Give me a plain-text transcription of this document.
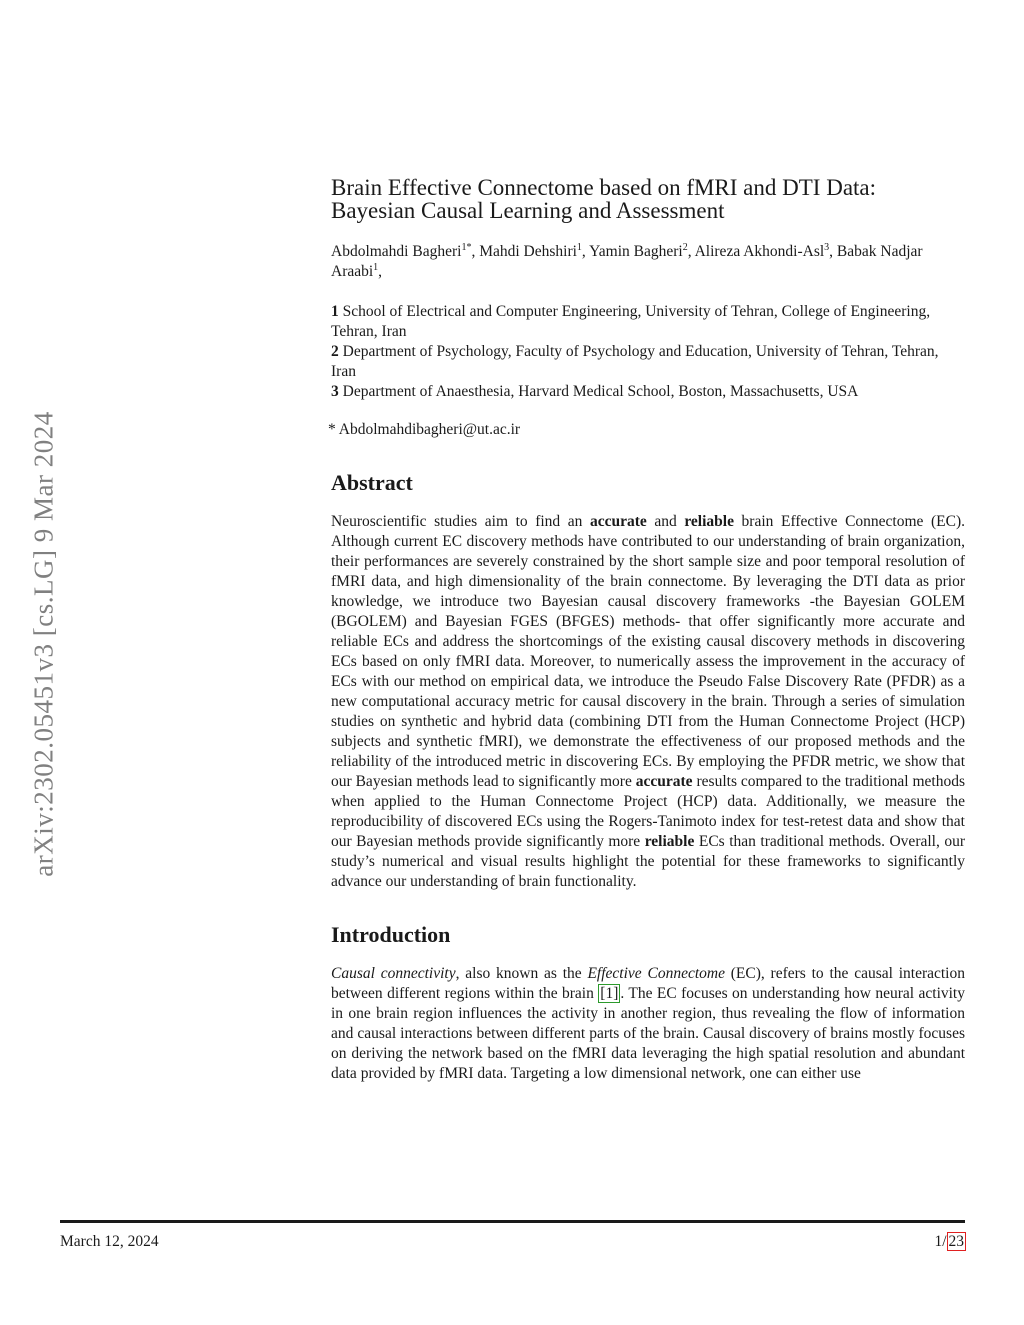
arXiv:2302.05451v3 [cs.LG] 9 Mar 2024
Brain Effective Connectome based on fMRI and DTI Data:
Bayesian Causal Learning and Assessment
Abdolmahdi Bagheri$^{1*}$, Mahdi Dehshiri$^1$, Yamin Bagheri$^2$, Alireza Akhondi-Asl$^3$, Babak Nadjar Araabi$^1$,
1 School of Electrical and Computer Engineering, University of Tehran, College of Engineering, Tehran, Iran
2 Department of Psychology, Faculty of Psychology and Education, University of Tehran, Tehran, Iran
3 Department of Anaesthesia, Harvard Medical School, Boston, Massachusetts, USA
* Abdolmahdibagheri@ut.ac.ir
Abstract

Neuroscientific studies aim to find an accurate and reliable brain Effective Connectome (EC). Although current EC discovery methods have contributed to our understanding of brain organization, their performances are severely constrained by the short sample size and poor temporal resolution of fMRI data, and high dimensionality of the brain connectome. By leveraging the DTI data as prior knowledge, we introduce two Bayesian causal discovery frameworks -the Bayesian GOLEM (BGOLEM) and Bayesian FGES (BFGES) methods- that offer significantly more accurate and reliable ECs and address the shortcomings of the existing causal discovery methods in discovering ECs based on only fMRI data. Moreover, to numerically assess the improvement in the accuracy of ECs with our method on empirical data, we introduce the Pseudo False Discovery Rate (PFDR) as a new computational accuracy metric for causal discovery in the brain. Through a series of simulation studies on synthetic and hybrid data (combining DTI from the Human Connectome Project (HCP) subjects and synthetic fMRI), we demonstrate the effectiveness of our proposed methods and the reliability of the introduced metric in discovering ECs. By employing the PFDR metric, we show that our Bayesian methods lead to significantly more accurate results compared to the traditional methods when applied to the Human Connectome Project (HCP) data. Additionally, we measure the reproducibility of discovered ECs using the Rogers-Tanimoto index for test-retest data and show that our Bayesian methods provide significantly more reliable ECs than traditional methods. Overall, our study’s numerical and visual results highlight the potential for these frameworks to significantly advance our understanding of brain functionality.

Introduction

Causal connectivity, also known as the Effective Connectome (EC), refers to the causal interaction between different regions within the brain [1] . The EC focuses on understanding how neural activity in one brain region influences the activity in another region, thus revealing the flow of information and causal interactions between different parts of the brain. Causal discovery of brains mostly focuses on deriving the network based on the fMRI data leveraging the high spatial resolution and abundant data provided by fMRI data. Targeting a low dimensional network, one can either use

March 12, 2024	1/ 23
